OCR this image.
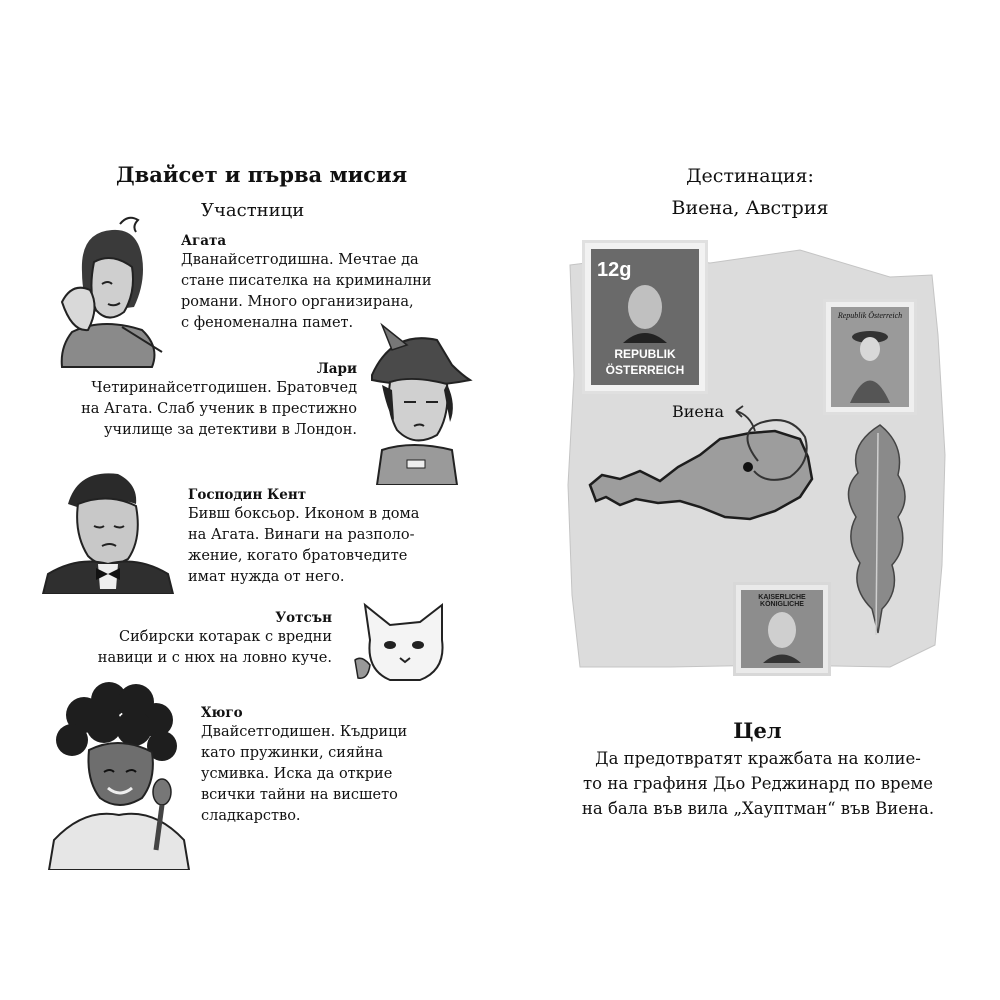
Двайсет и първа мисия
Участници
Агата
Дванайсетгодишна. Мечтае да
стане писателка на криминални
романи. Много организирана,
с феноменална памет.
Лари
Четиринайсетгодишен. Братовчед
на Агата. Слаб ученик в престижно
училище за детективи в Лондон.
Господин Кент
Бивш боксьор. Иконом в дома
на Агата. Винаги на разполо-
жение, когато братовчедите
имат нужда от него.
Уотсън
Сибирски котарак с вредни
навици и с нюх на ловно куче.
Хюго
Двайсетгодишен. Къдрици
като пружинки, сияйна
усмивка. Иска да открие
всички тайни на висшето
сладкарство.
Дестинация:
Виена, Австрия
12g
REPUBLIK
ÖSTERREICH
Republik Österreich
KAISERLICHE KÖNIGLICHE
Виена
Цел
Да предотвратят кражбата на колие-
то на графиня Дьо Реджинард по време
на бала във вила „Хауптман“ във Виена.
